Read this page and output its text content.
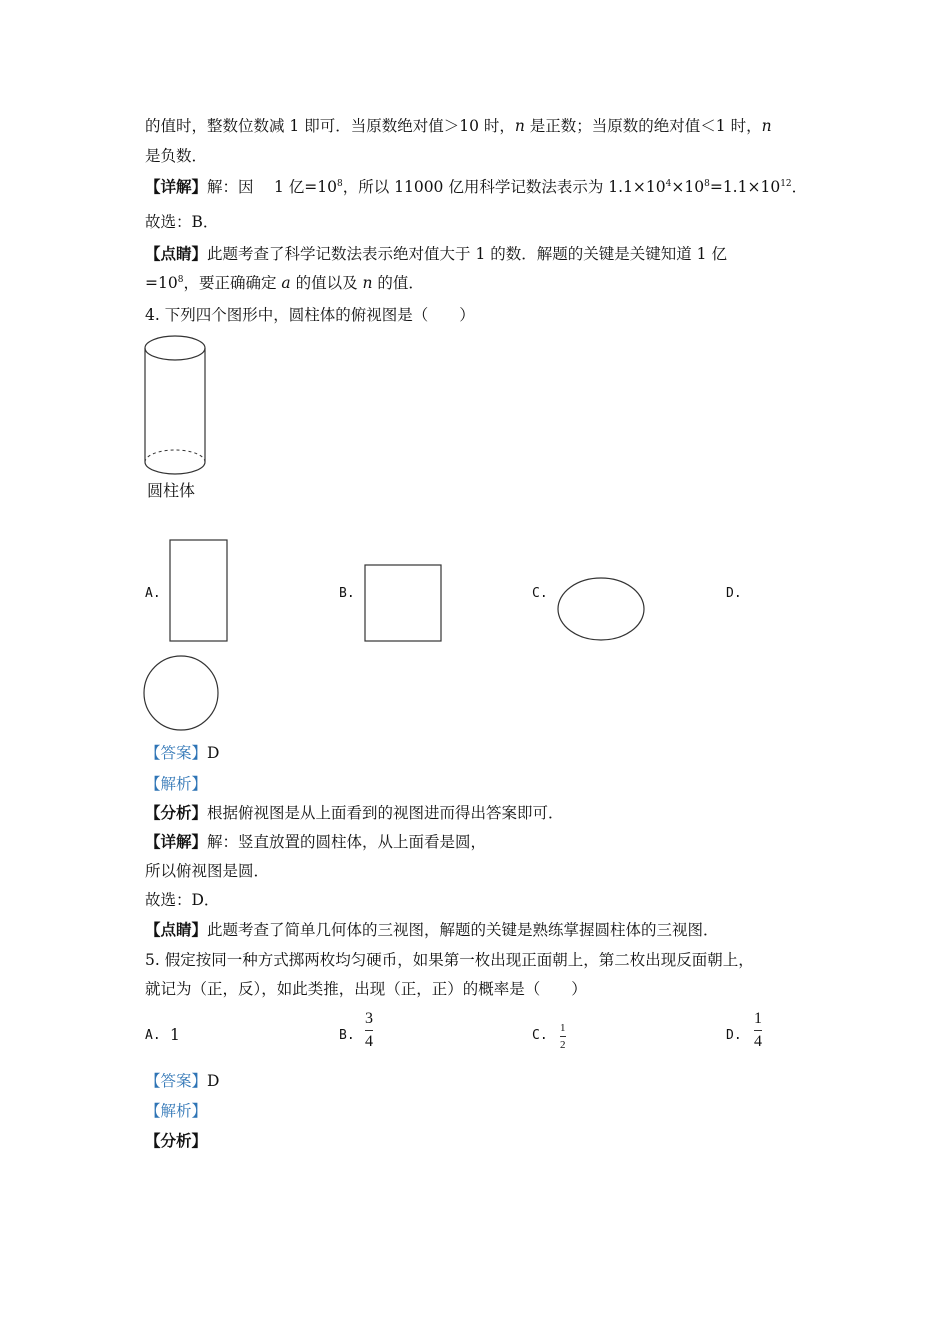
的值时，整数位数减 1 即可．当原数绝对值＞10 时，n 是正数；当原数的绝对值＜1 时，n
是负数．
【详解】解：因 　1 亿$=10^8$，所以 11000 亿用科学记数法表示为 $1.1\times 10^4\times 10^8=1.1\times 10^{12}$．
故选：B．
【点睛】此题考查了科学记数法表示绝对值大于 1 的数．解题的关键是关键知道 1 亿
$=10^8$，要正确确定 a 的值以及 n 的值．
4. 下列四个图形中，圆柱体的俯视图是（　　）
圆柱体
A.	B.	C.	D.
【答案】D
【解析】
【分析】根据俯视图是从上面看到的视图进而得出答案即可．
【详解】解：竖直放置的圆柱体，从上面看是圆，
所以俯视图是圆．
故选：D．
【点睛】此题考查了简单几何体的三视图，解题的关键是熟练掌握圆柱体的三视图．
5. 假定按同一种方式掷两枚均匀硬币，如果第一枚出现正面朝上，第二枚出现反面朝上，
就记为（正，反），如此类推，出现（正，正）的概率是（　　）
A. 1	B.
3
4	C. 1
2
D.
1
4
【答案】D
【解析】
【分析】
